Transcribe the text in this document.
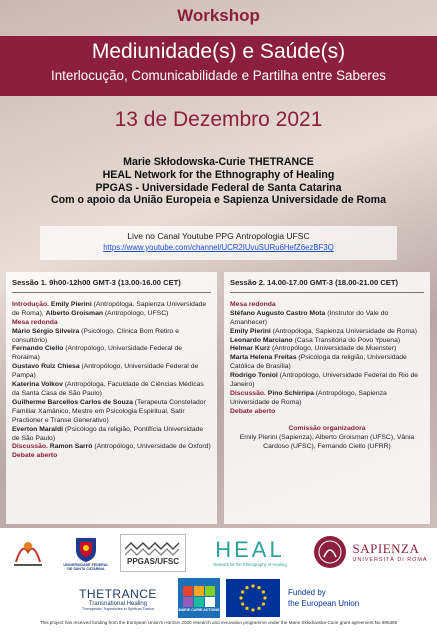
Workshop
Mediunidade(s) e Saúde(s)
Interlocução, Comunicabilidade e Partilha entre Saberes
13 de Dezembro 2021
Marie Skłodowska-Curie THETRANCE
HEAL Network for the Ethnography of Healing
PPGAS - Universidade Federal de Santa Catarina
Com o apoio da União Europeia e Sapienza Universidade de Roma
Live no Canal Youtube PPG Antropologia UFSC
https://www.youtube.com/channel/UCR2IUvuSURu6HefZ6ezBF3Q
Sessão 1. 9h00-12h00 GMT-3 (13.00-16.00 CET)

Introdução. Emily Pierini (Antropóloga, Sapienza Universidade de Roma), Alberto Groisman (Antropólogo, UFSC)

Mesa redonda

Mário Sérgio Silveira (Psicólogo, Clínica Bom Retiro e consultório)

Fernando Ciello (Antropólogo, Universidade Federal de Roraima)

Gustavo Ruiz Chiesa (Antropólogo, Universidade Federal de Pampa)

Katerina Volkov (Antropóloga, Faculdade de Ciências Médicas da Santa Casa de São Paulo)

Guilherme Barcellos Carlos de Souza (Terapeuta Constelador Familiar Xamânico, Mestre em Psicologia Espiritual, Satir Practioner e Transe Generativo)

Everton Maraldi (Psicólogo da religião, Pontifícia Universidade de São Paulo)

Discussão. Ramon Sarró (Antropólogo, Universidade de Oxford)

Debate aberto
Sessão 2. 14.00-17.00 GMT-3 (18.00-21.00 CET)
Mesa redonda

Stéfano Augusto Castro Mota (Instrutor do Vale do Amanhecer)

Emily Pierini (Antropóloga, Sapienza Universidade de Roma)

Leonardo Marciano (Casa Transitória do Povo Ypuena)

Helmar Kurz (Antropólogo, Universidade de Muenster)

Marta Helena Freitas (Psicóloga da religião, Universidade Católica de Brasília)

Rodrigo Toniol (Antropólogo, Universidade Federal do Rio de Janeiro)

Discussão. Pino Schirripa (Antropólogo, Sapienza Universidade de Roma)

Debate aberto
Comissão organizadora
Emily Pierini (Sapienza), Alberto Groisman (UFSC), Vânia Cardoso (UFSC), Fernando Ciello (UFRR)
UNIVERSIDADE FEDERAL
DE SANTA CATARINA
PPGAS/UFSC HEAL
Network for the Ethnography of Healing
SAPIENZA
UNIVERSITÀ DI ROMA
THETRANCE
Transnational Healing
Therapeutic Trajectories in Spiritual Trance	MARIE CURIE ACTIONS
Funded by
the European Union
This project has received funding from the European Union's Horizon 2020 research and innovation programme under the Marie Skłodowska-Curie grant agreement No 895395
